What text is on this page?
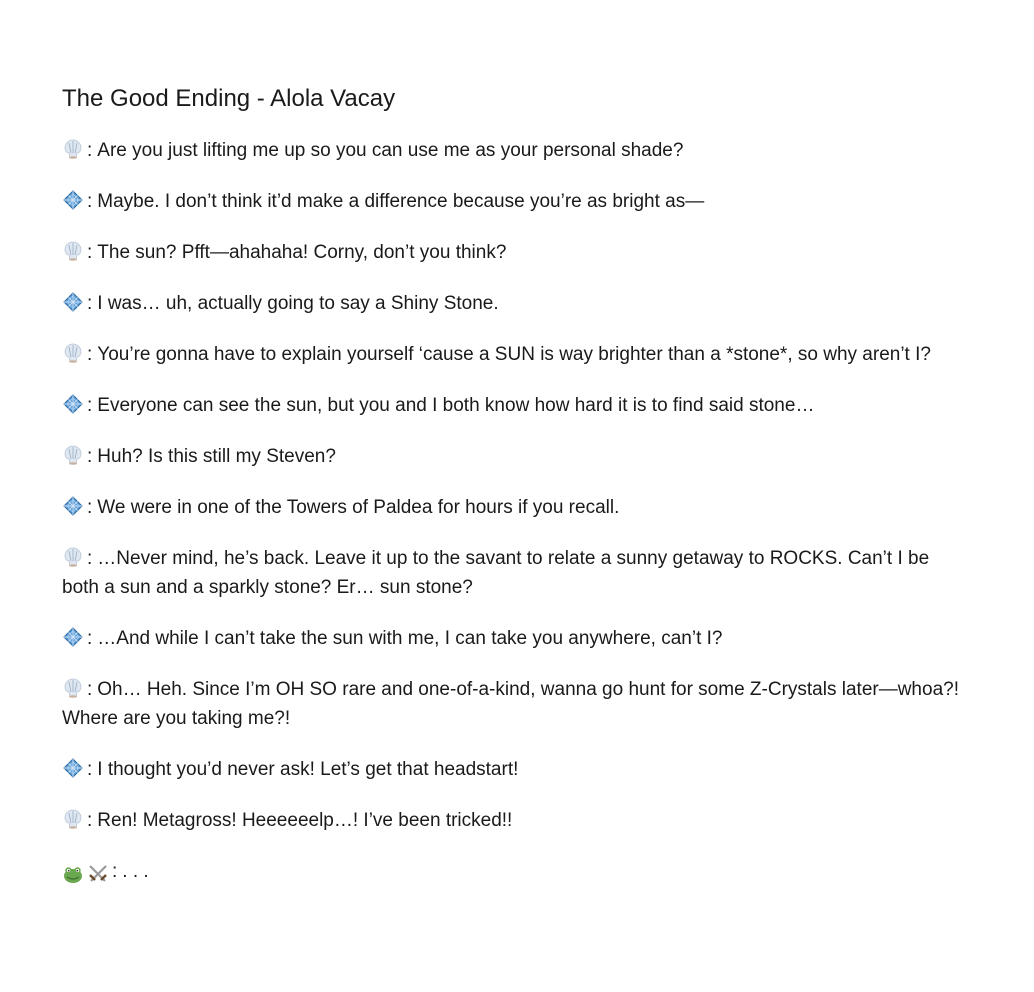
The Good Ending - Alola Vacay
: Are you just lifting me up so you can use me as your personal shade?
: Maybe. I don’t think it’d make a difference because you’re as bright as—
: The sun? Pfft—ahahaha! Corny, don’t you think?
: I was… uh, actually going to say a Shiny Stone.
: You’re gonna have to explain yourself ‘cause a SUN is way brighter than a *stone*, so why aren’t I?
: Everyone can see the sun, but you and I both know how hard it is to find said stone…
: Huh? Is this still my Steven?
: We were in one of the Towers of Paldea for hours if you recall.
: …Never mind, he’s back. Leave it up to the savant to relate a sunny getaway to ROCKS. Can’t I be both a sun and a sparkly stone? Er… sun stone?
: …And while I can’t take the sun with me, I can take you anywhere, can’t I?
: Oh… Heh. Since I’m OH SO rare and one-of-a-kind, wanna go hunt for some Z-Crystals later—whoa?! Where are you taking me?!
: I thought you’d never ask! Let’s get that headstart!
: Ren! Metagross! Heeeeeelp…! I’ve been tricked!!
: . . .
